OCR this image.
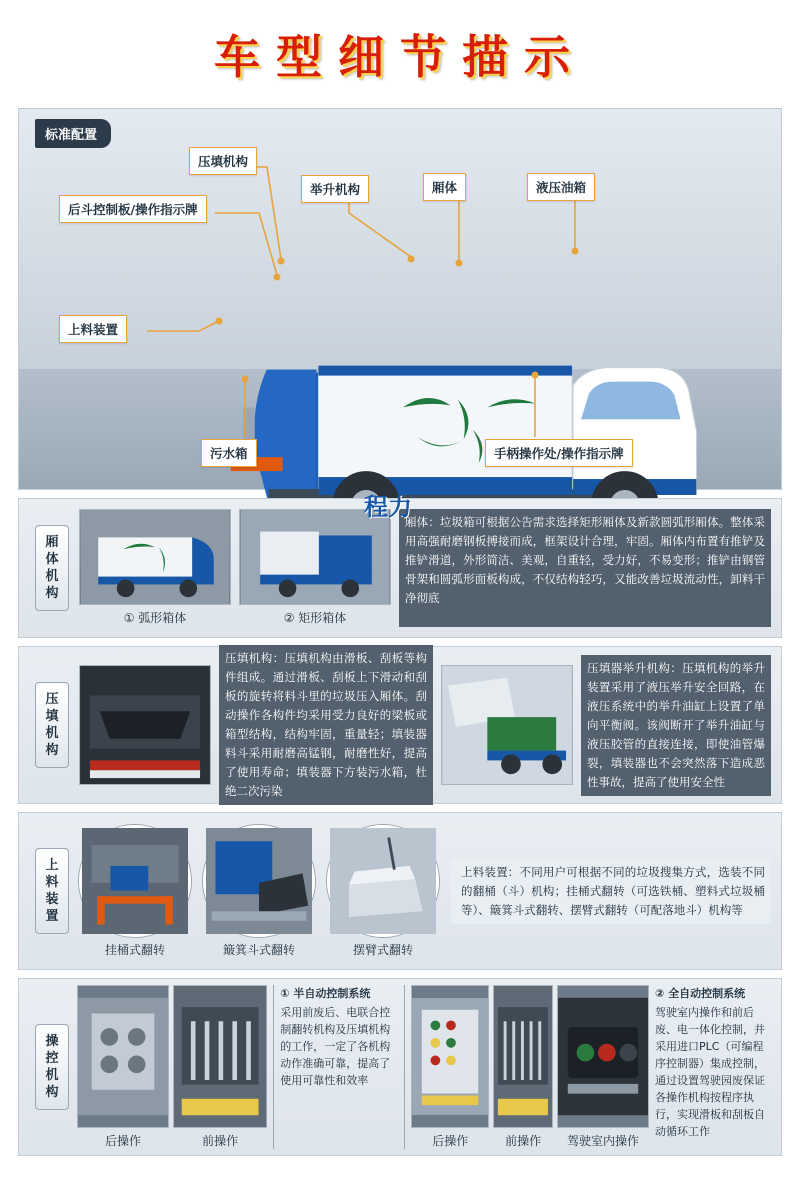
车型细节描示
标准配置
程力
压填机构
举升机构	厢体	液压油箱
后斗控制板/操作指示牌
上料装置
污水箱	手柄操作处/操作指示牌
厢体机构
① 弧形箱体	② 矩形箱体
厢体：垃圾箱可根据公告需求选择矩形厢体及新款圆弧形厢体。整体采用高强耐磨钢板搏接而成，框架设计合理，牢固。厢体内布置有推铲及推铲滑道，外形简洁、美观，自重轻，受力好，不易变形；推铲由钢管骨架和圆弧形面板构成，不仅结构轻巧，又能改善垃圾流动性，卸料干净彻底
压填机构
压填机构：压填机构由滑板、刮板等构件组成。通过滑板、刮板上下滑动和刮板的旋转将料斗里的垃圾压入厢体。刮动操作各构件均采用受力良好的梁板或箱型结构，结构牢固，重量轻；填装器料斗采用耐磨高锰钢，耐磨性好，提高了使用寿命；填装器下方装污水箱，杜绝二次污染
压填器举升机构：压填机构的举升装置采用了液压举升安全回路，在液压系统中的举升油缸上设置了单向平衡阀。该阀断开了举升油缸与液压胶管的直接连接，即使油管爆裂，填装器也不会突然落下造成恶性事故，提高了使用安全性
上料装置
挂桶式翻转	簸箕斗式翻转	摆臂式翻转
上料装置：不同用户可根据不同的垃圾搜集方式，选装不同的翻桶（斗）机构；挂桶式翻转（可选铁桶、塑料式垃圾桶等）、簸箕斗式翻转、摆臂式翻转（可配落地斗）机构等
操控机构
后操作	前操作
① 半自动控制系统
采用前废后、电联合控制翻转机构及压填机构的工作，一定了各机构动作准确可靠，提高了使用可靠性和效率
后操作	前操作	驾驶室内操作
② 全自动控制系统
驾驶室内操作和前后废、电一体化控制，并采用进口PLC（可编程序控制器）集成控制，通过设置驾驶园废保证各操作机构按程序执行，实现滑板和刮板自动循环工作
